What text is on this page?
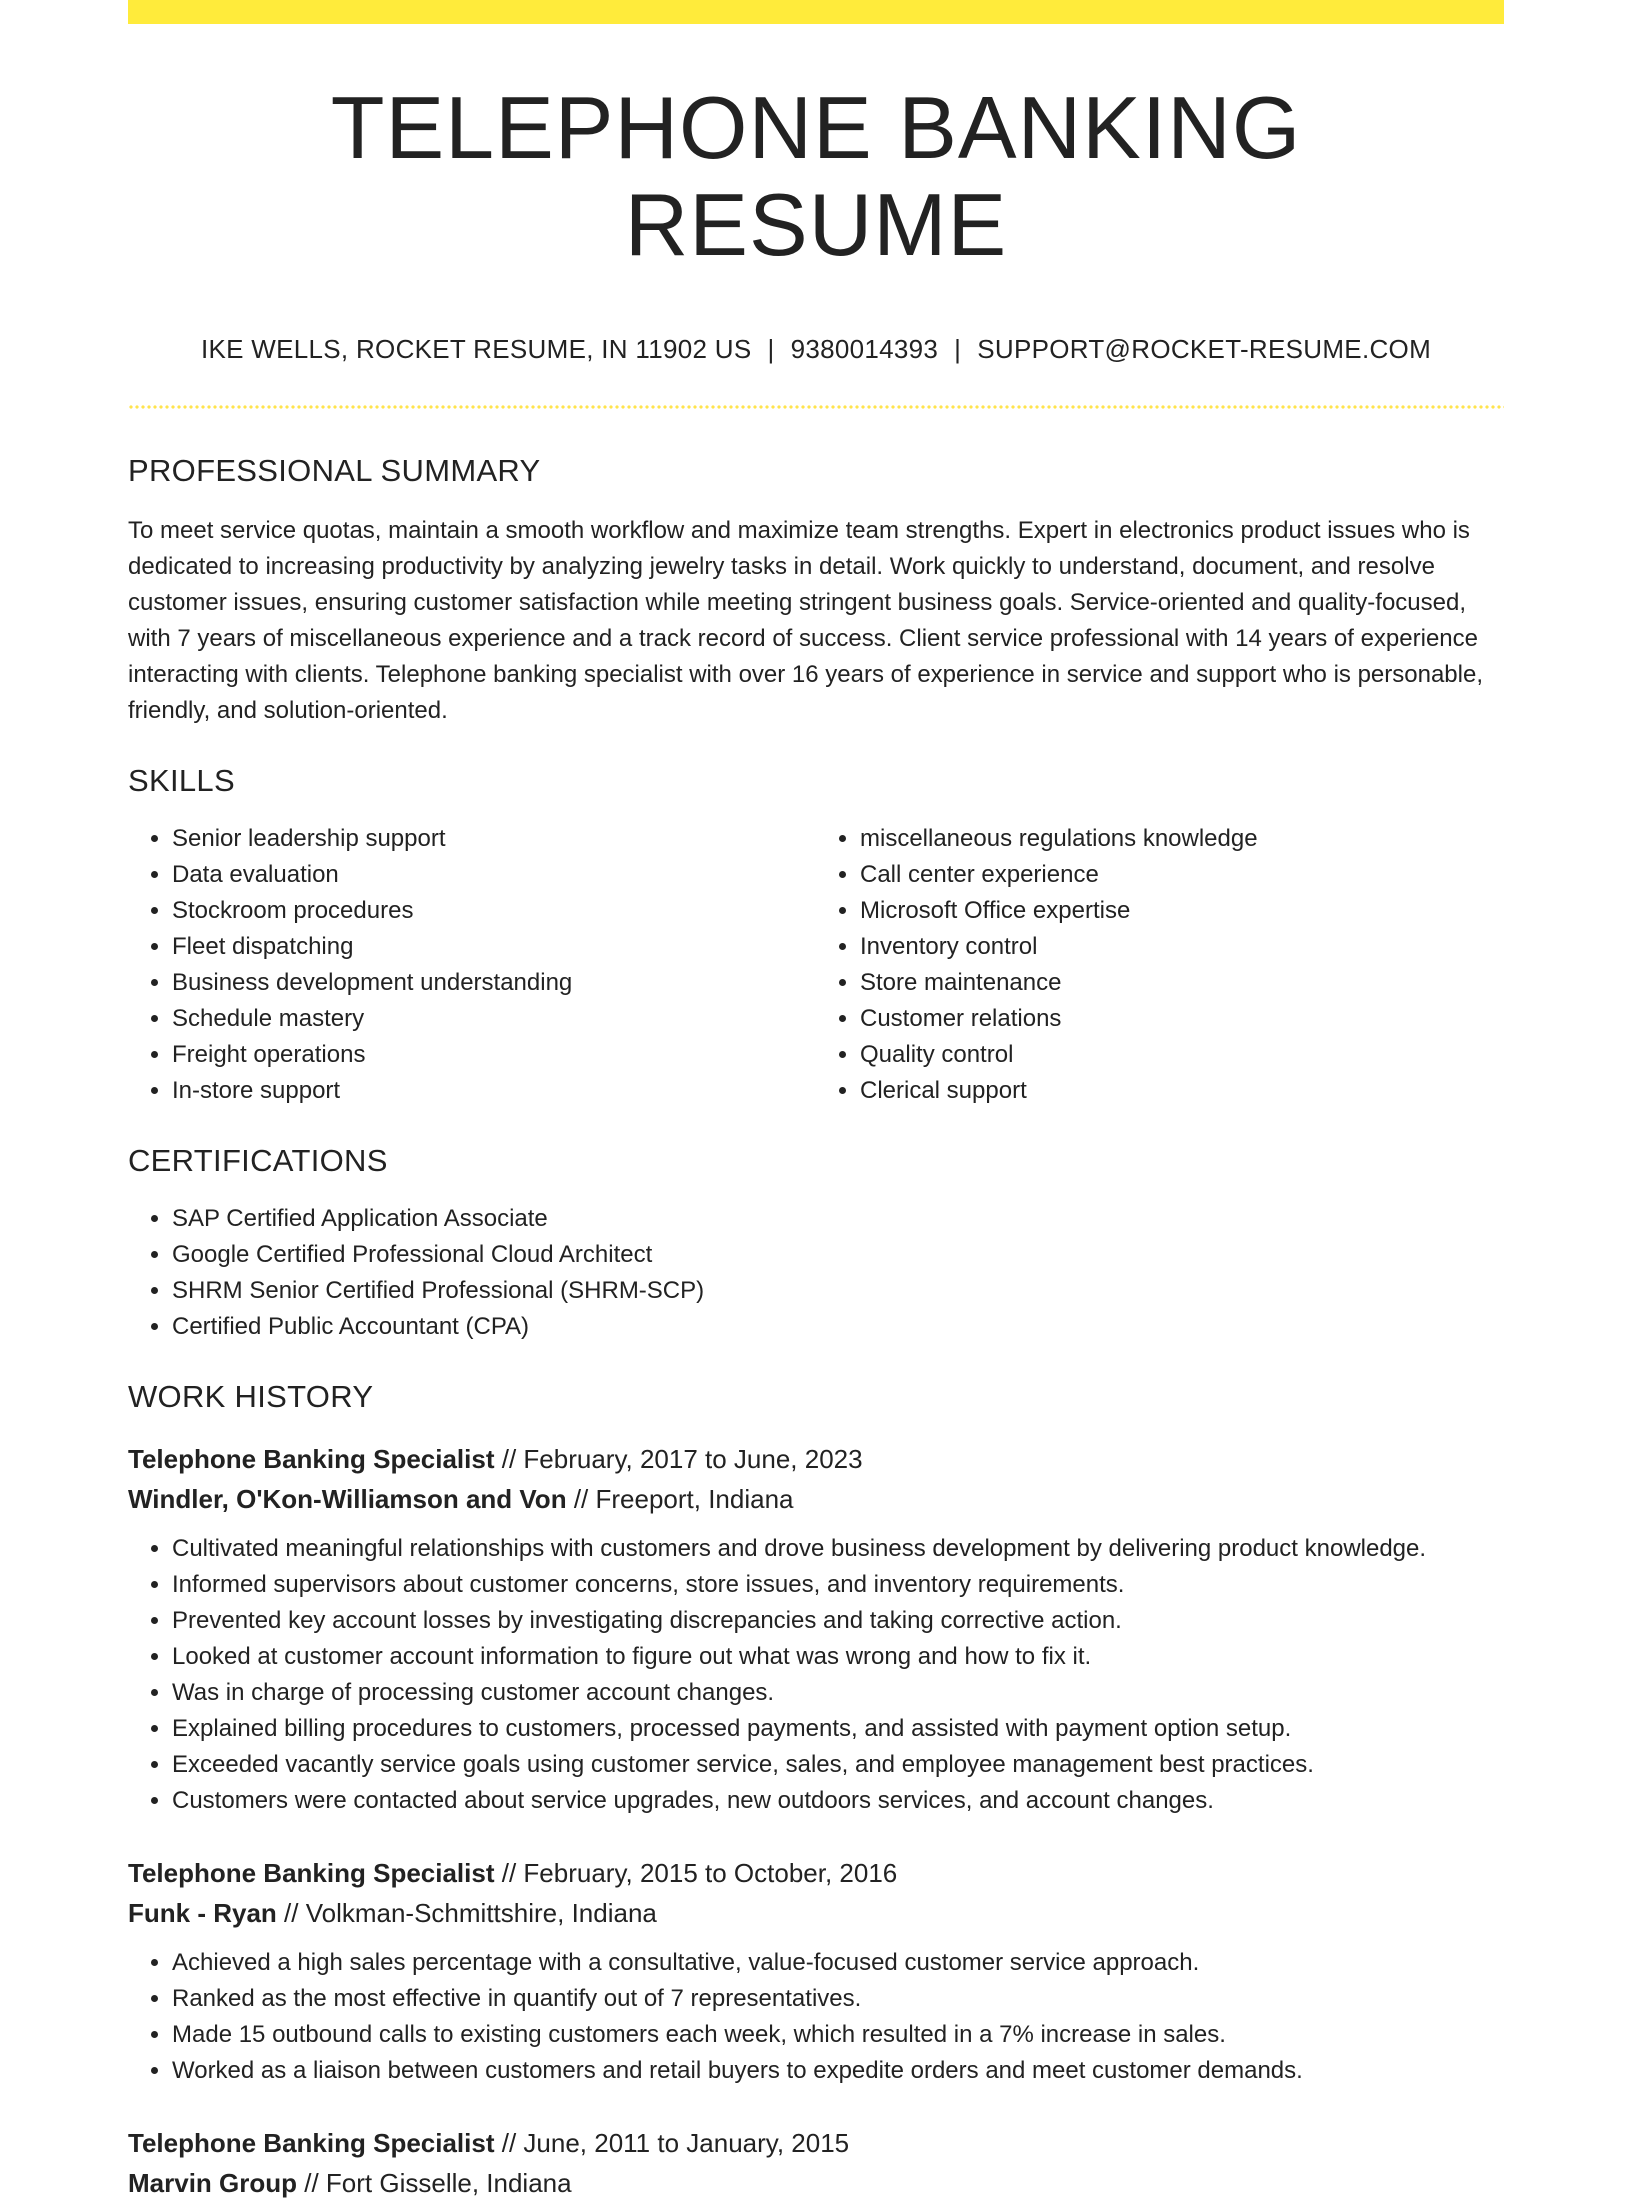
TELEPHONE BANKING RESUME
IKE WELLS, ROCKET RESUME, IN 11902 US | 9380014393 | SUPPORT@ROCKET-RESUME.COM
PROFESSIONAL SUMMARY

To meet service quotas, maintain a smooth workflow and maximize team strengths. Expert in electronics product issues who is dedicated to increasing productivity by analyzing jewelry tasks in detail. Work quickly to understand, document, and resolve customer issues, ensuring customer satisfaction while meeting stringent business goals. Service-oriented and quality-focused, with 7 years of miscellaneous experience and a track record of success. Client service professional with 14 years of experience interacting with clients. Telephone banking specialist with over 16 years of experience in service and support who is personable, friendly, and solution-oriented.

SKILLS
• Senior leadership support
• Data evaluation
• Stockroom procedures
• Fleet dispatching
• Business development understanding
• Schedule mastery
• Freight operations
• In-store support
• miscellaneous regulations knowledge
• Call center experience
• Microsoft Office expertise
• Inventory control
• Store maintenance
• Customer relations
• Quality control
• Clerical support
CERTIFICATIONS
• SAP Certified Application Associate
• Google Certified Professional Cloud Architect
• SHRM Senior Certified Professional (SHRM-SCP)
• Certified Public Accountant (CPA)
WORK HISTORY
Telephone Banking Specialist // February, 2017 to June, 2023
Windler, O'Kon-Williamson and Von // Freeport, Indiana
• Cultivated meaningful relationships with customers and drove business development by delivering product knowledge.
• Informed supervisors about customer concerns, store issues, and inventory requirements.
• Prevented key account losses by investigating discrepancies and taking corrective action.
• Looked at customer account information to figure out what was wrong and how to fix it.
• Was in charge of processing customer account changes.
• Explained billing procedures to customers, processed payments, and assisted with payment option setup.
• Exceeded vacantly service goals using customer service, sales, and employee management best practices.
• Customers were contacted about service upgrades, new outdoors services, and account changes.
Telephone Banking Specialist // February, 2015 to October, 2016
Funk - Ryan // Volkman-Schmittshire, Indiana
• Achieved a high sales percentage with a consultative, value-focused customer service approach.
• Ranked as the most effective in quantify out of 7 representatives.
• Made 15 outbound calls to existing customers each week, which resulted in a 7% increase in sales.
• Worked as a liaison between customers and retail buyers to expedite orders and meet customer demands.
Telephone Banking Specialist // June, 2011 to January, 2015
Marvin Group // Fort Gisselle, Indiana
